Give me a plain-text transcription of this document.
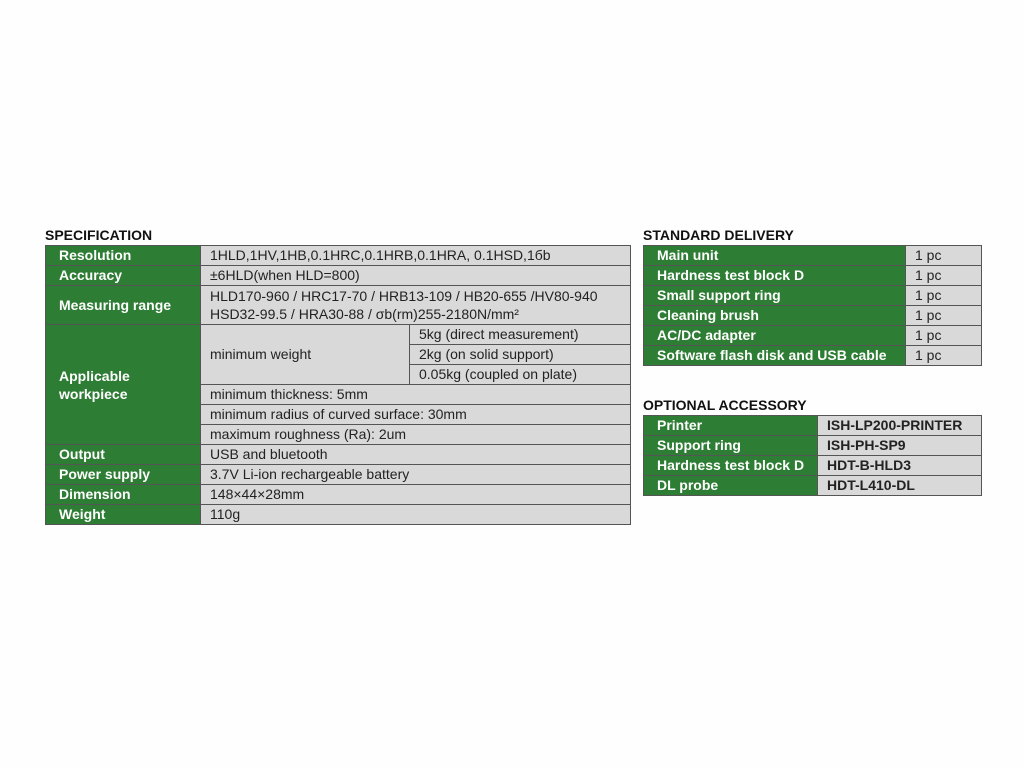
SPECIFICATION
Resolution	1HLD,1HV,1HB,0.1HRC,0.1HRB,0.1HRA, 0.1HSD,1бb	
Accuracy	±6HLD(when HLD=800)	
Measuring range	HLD170-960 / HRC17-70 / HRB13-109 / HB20-655 /HV80-940
HSD32-99.5 / HRA30-88 / σb(rm)255-2180N/mm²	

Applicable
workpiece	minimum weight	5kg (direct measurement)
		2kg (on solid support)
		0.05kg (coupled on plate)
	minimum thickness: 5mm	
	minimum radius of curved surface: 30mm	
	maximum roughness (Ra): 2um	
Output	USB and bluetooth	
Power supply	3.7V Li-ion rechargeable battery	
Dimension	148×44×28mm	
Weight	110g	
STANDARD DELIVERY
Main unit	1 pc
Hardness test block D	1 pc
Small support ring	1 pc
Cleaning brush	1 pc
AC/DC adapter	1 pc
Software flash disk and USB cable	1 pc
OPTIONAL ACCESSORY
Printer	ISH-LP200-PRINTER
Support ring	ISH-PH-SP9
Hardness test block D	HDT-B-HLD3
DL probe	HDT-L410-DL
